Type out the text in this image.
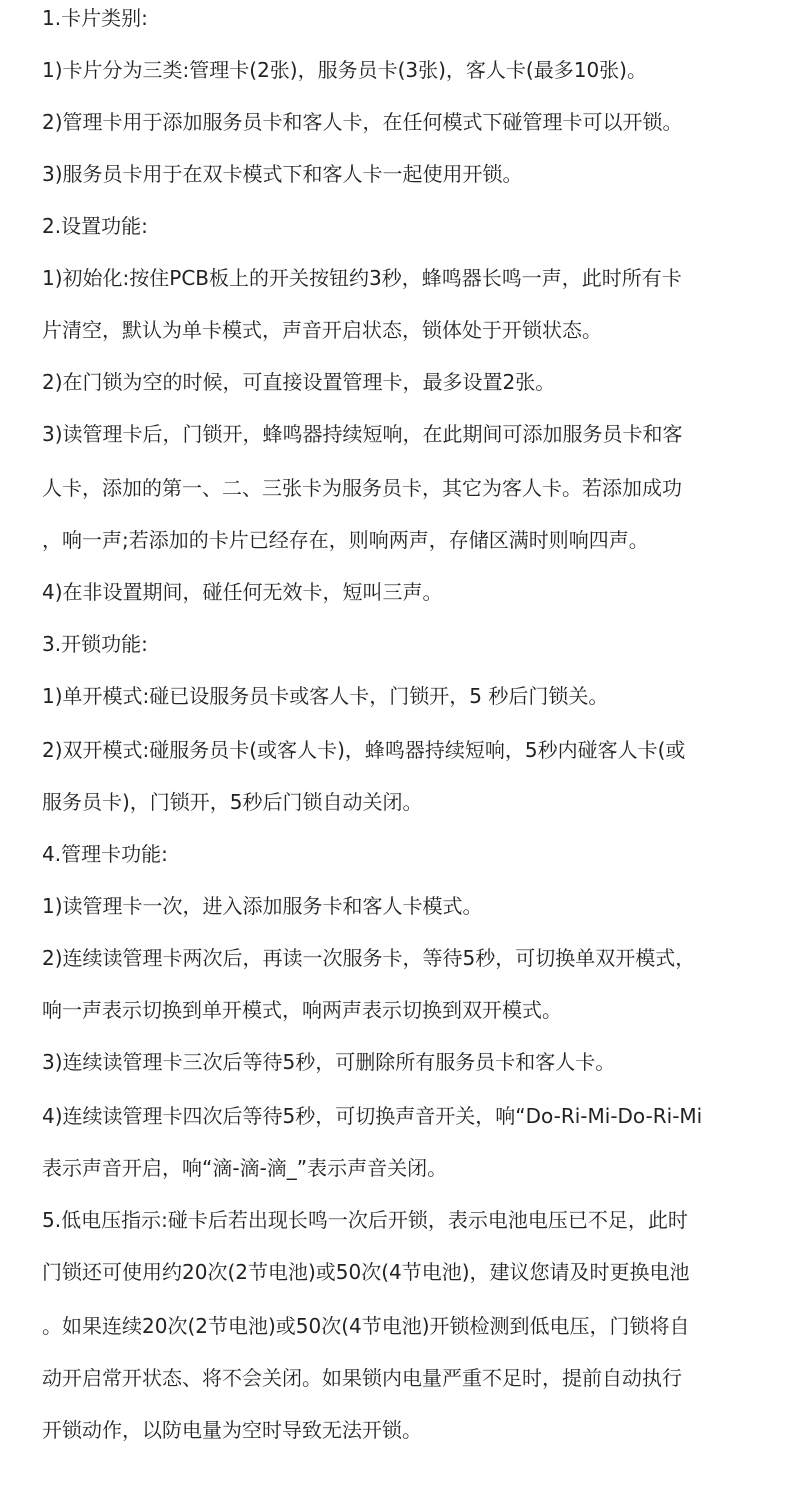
1.卡片类别:

1)卡片分为三类:管理卡(2张)，服务员卡(3张)，客人卡(最多10张)。

2)管理卡用于添加服务员卡和客人卡，在任何模式下碰管理卡可以开锁。

3)服务员卡用于在双卡模式下和客人卡一起使用开锁。

2.设置功能:

1)初始化:按住PCB板上的开关按钮约3秒，蜂鸣器长鸣一声，此时所有卡

片清空，默认为单卡模式，声音开启状态，锁体处于开锁状态。

2)在门锁为空的时候，可直接设置管理卡，最多设置2张。

3)读管理卡后，门锁开，蜂鸣器持续短响，在此期间可添加服务员卡和客

人卡，添加的第一、二、三张卡为服务员卡，其它为客人卡。若添加成功

，响一声;若添加的卡片已经存在，则响两声，存储区满时则响四声。

4)在非设置期间，碰任何无效卡，短叫三声。

3.开锁功能:

1)单开模式:碰已设服务员卡或客人卡，门锁开，5 秒后门锁关。

2)双开模式:碰服务员卡(或客人卡)，蜂鸣器持续短响，5秒内碰客人卡(或

服务员卡)，门锁开，5秒后门锁自动关闭。

4.管理卡功能:

1)读管理卡一次，进入添加服务卡和客人卡模式。

2)连续读管理卡两次后，再读一次服务卡，等待5秒，可切换单双开模式，

响一声表示切换到单开模式，响两声表示切换到双开模式。

3)连续读管理卡三次后等待5秒，可删除所有服务员卡和客人卡。

4)连续读管理卡四次后等待5秒，可切换声音开关，响“Do-Ri-Mi-Do-Ri-Mi

表示声音开启，响“滴-滴-滴_”表示声音关闭。

5.低电压指示:碰卡后若出现长鸣一次后开锁，表示电池电压已不足，此时

门锁还可使用约20次(2节电池)或50次(4节电池)，建议您请及时更换电池

。如果连续20次(2节电池)或50次(4节电池)开锁检测到低电压，门锁将自

动开启常开状态、将不会关闭。如果锁内电量严重不足时，提前自动执行

开锁动作，以防电量为空时导致无法开锁。
